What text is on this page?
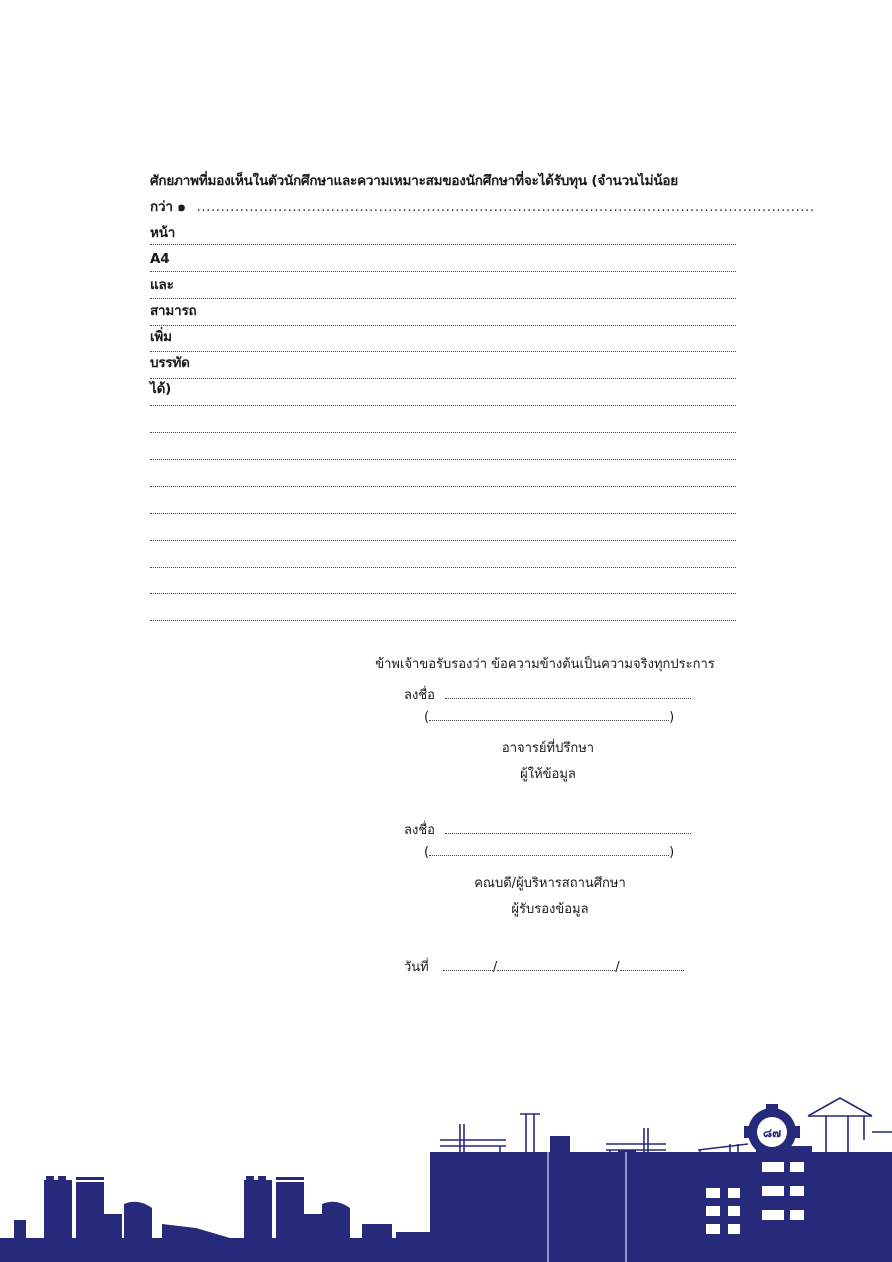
ศักยภาพที่มองเห็นในตัวนักศึกษาและความเหมาะสมของนักศึกษาที่จะได้รับทุน (จำนวนไม่น้อย
กว่า ๑ หน้า A4 และสามารถเพิ่มบรรทัดได้)
.................................................................................................................................
ข้าพเจ้าขอรับรองว่า ข้อความข้างต้นเป็นความจริงทุกประการ
ลงชื่อ
(	)
อาจารย์ที่ปรึกษา
ผู้ให้ข้อมูล
ลงชื่อ
(	)
คณบดี/ผู้บริหารสถานศึกษา
ผู้รับรองข้อมูล
วันที่	/	/
๘๗
